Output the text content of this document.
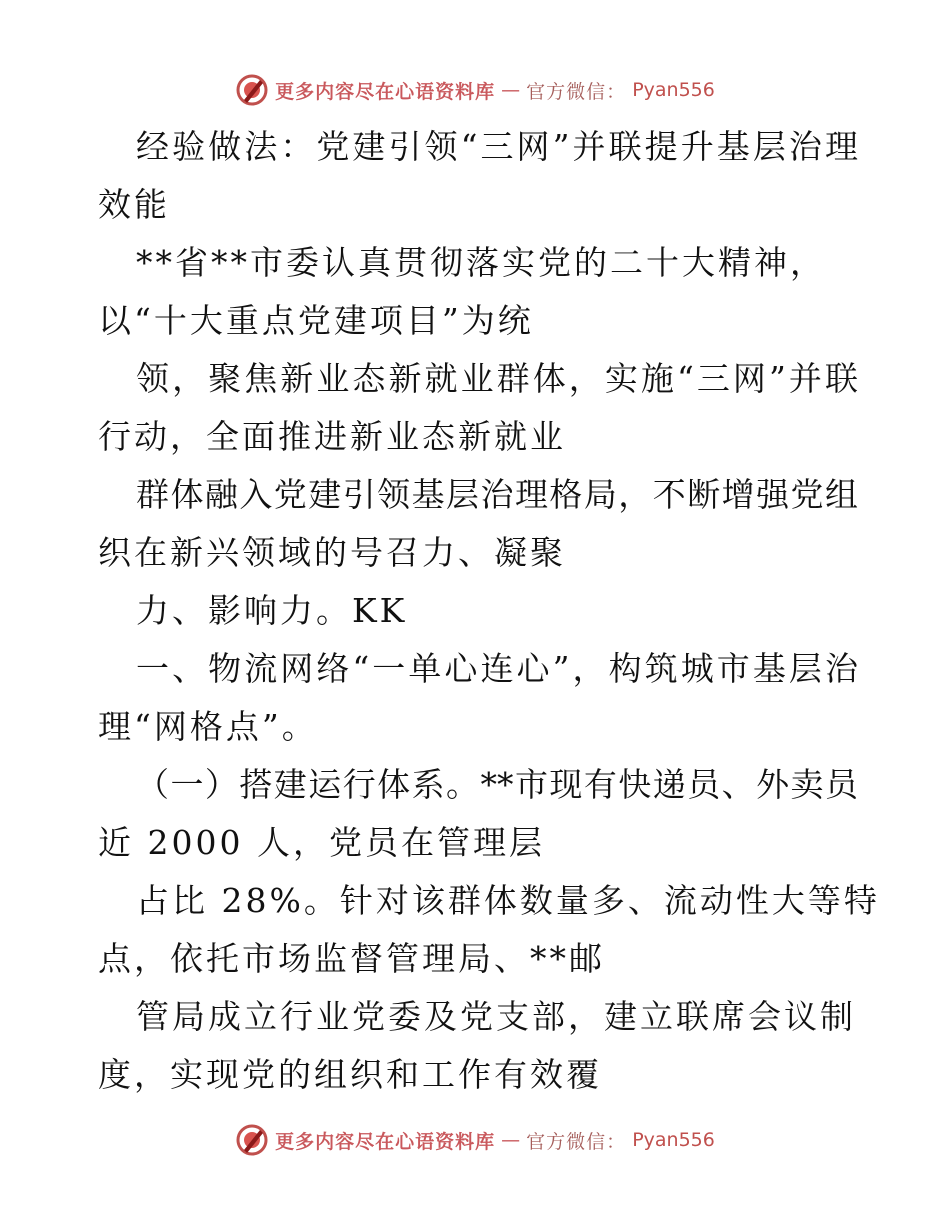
更多内容尽在心语资料库 — 官方微信： Pyan556
经验做法：党建引领“三网”并联提升基层治理
效能
**省**市委认真贯彻落实党的二十大精神，
以“十大重点党建项目”为统
领，聚焦新业态新就业群体，实施“三网”并联
行动，全面推进新业态新就业
群体融入党建引领基层治理格局，不断增强党组
织在新兴领域的号召力、凝聚
力、影响力。KK
一、物流网络“一单心连心”，构筑城市基层治
理“网格点”。
（一）搭建运行体系。**市现有快递员、外卖员
近 2000 人，党员在管理层
占比 28%。针对该群体数量多、流动性大等特
点，依托市场监督管理局、**邮
管局成立行业党委及党支部，建立联席会议制
度，实现党的组织和工作有效覆
更多内容尽在心语资料库 — 官方微信： Pyan556
